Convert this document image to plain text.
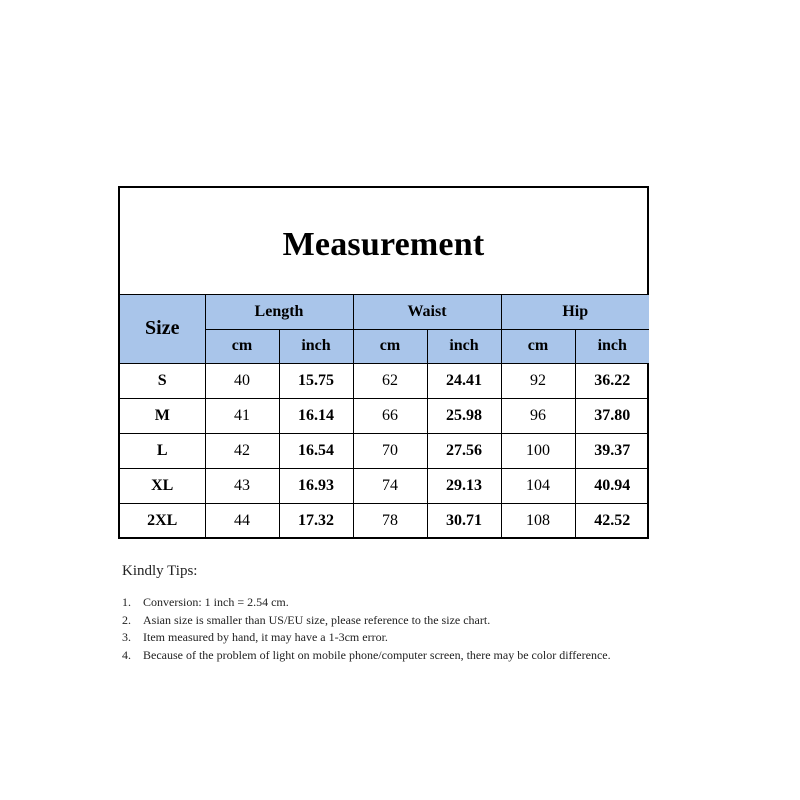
Measurement
Size	Length		Waist		Hip	
	cm	inch	cm	inch	cm	inch
S	40	15.75	62	24.41	92	36.22
M	41	16.14	66	25.98	96	37.80
L	42	16.54	70	27.56	100	39.37
XL	43	16.93	74	29.13	104	40.94
2XL	44	17.32	78	30.71	108	42.52
Kindly Tips:
1.	Conversion: 1 inch = 2.54 cm.
2.	Asian size is smaller than US/EU size, please reference to the size chart.
3.	Item measured by hand, it may have a 1-3cm error.
4.	Because of the problem of light on mobile phone/computer screen, there may be color difference.
